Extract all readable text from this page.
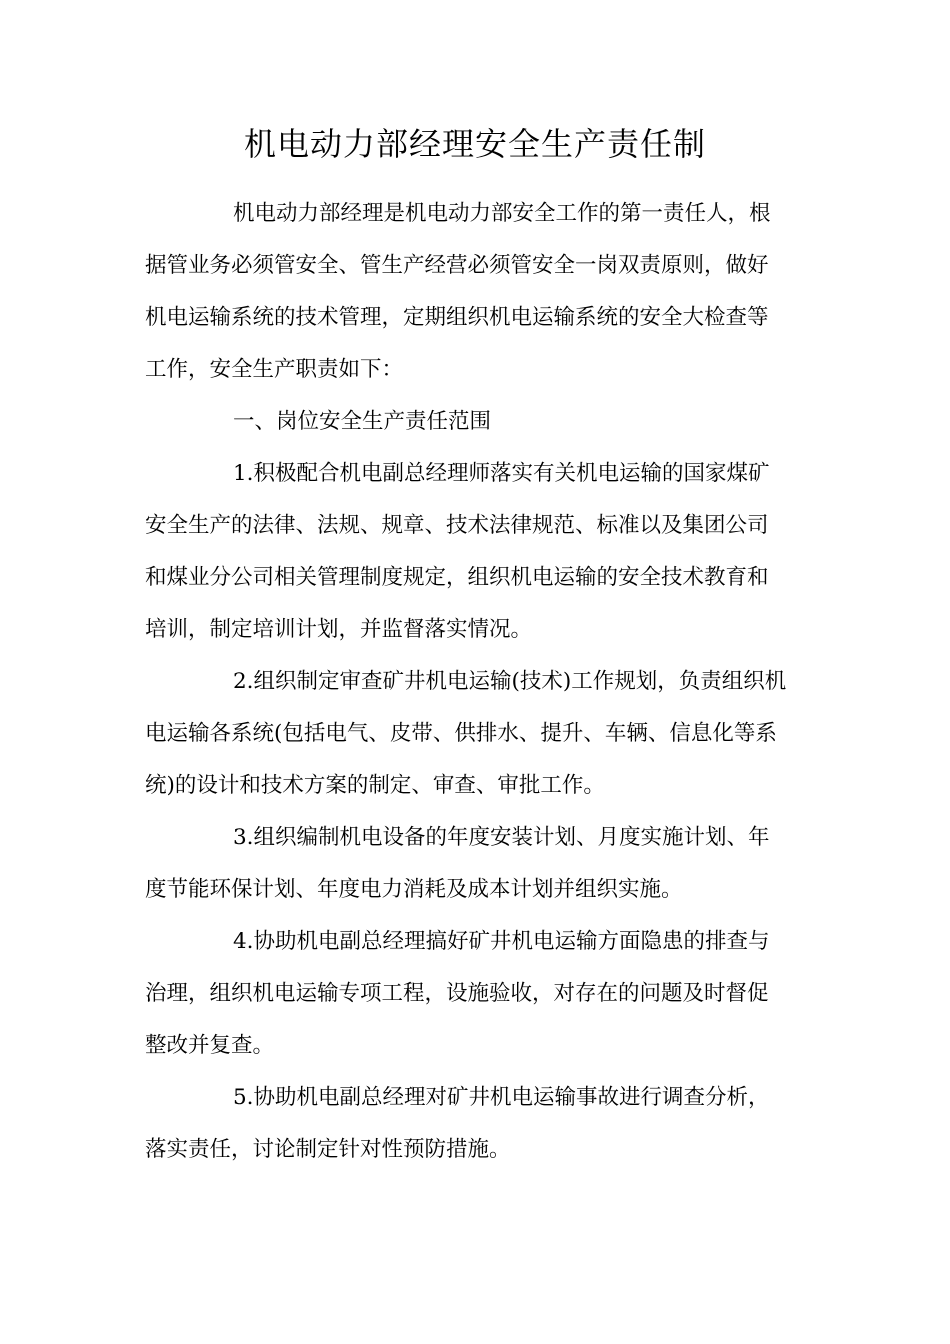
机电动力部经理安全生产责任制
机电动力部经理是机电动力部安全工作的第一责任人，根
据管业务必须管安全、管生产经营必须管安全一岗双责原则，做好
机电运输系统的技术管理，定期组织机电运输系统的安全大检查等
工作，安全生产职责如下：
一、岗位安全生产责任范围
1.积极配合机电副总经理师落实有关机电运输的国家煤矿
安全生产的法律、法规、规章、技术法律规范、标准以及集团公司
和煤业分公司相关管理制度规定，组织机电运输的安全技术教育和
培训，制定培训计划，并监督落实情况。
2.组织制定审查矿井机电运输(技术)工作规划，负责组织机
电运输各系统(包括电气、皮带、供排水、提升、车辆、信息化等系
统)的设计和技术方案的制定、审查、审批工作。
3.组织编制机电设备的年度安装计划、月度实施计划、年
度节能环保计划、年度电力消耗及成本计划并组织实施。
4.协助机电副总经理搞好矿井机电运输方面隐患的排查与
治理，组织机电运输专项工程，设施验收，对存在的问题及时督促
整改并复查。
5.协助机电副总经理对矿井机电运输事故进行调查分析，
落实责任，讨论制定针对性预防措施。
